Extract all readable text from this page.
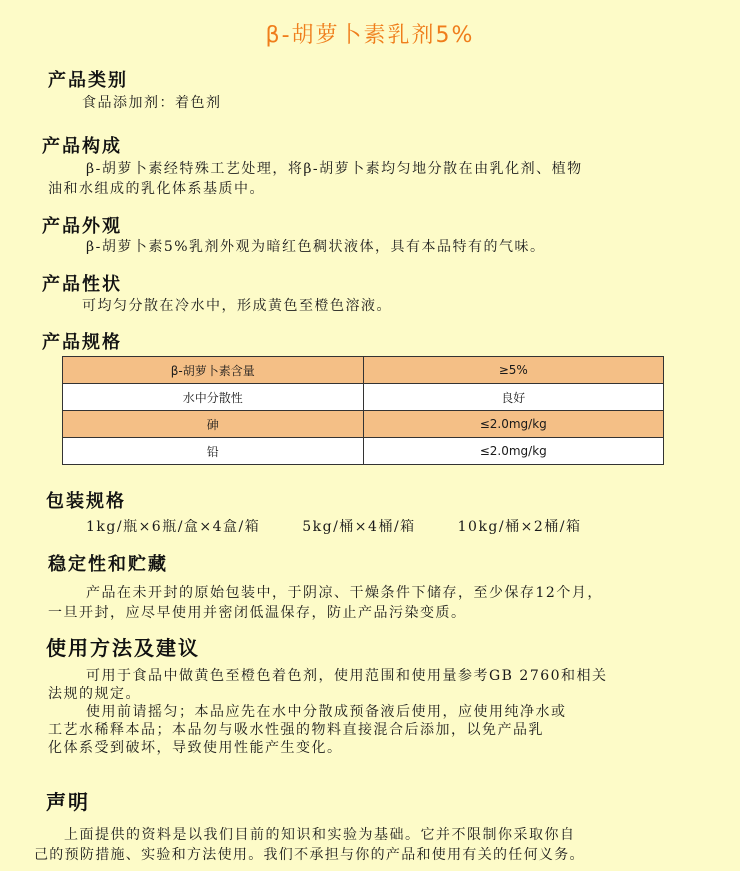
β-胡萝卜素乳剂5%
产品类别
食品添加剂：着色剂
产品构成
β-胡萝卜素经特殊工艺处理，将β-胡萝卜素均匀地分散在由乳化剂、植物
油和水组成的乳化体系基质中。
产品外观
β-胡萝卜素5%乳剂外观为暗红色稠状液体，具有本品特有的气味。
产品性状
可均匀分散在冷水中，形成黄色至橙色溶液。
产品规格
β-胡萝卜素含量	≥5%
水中分散性	良好
砷	≤2.0mg/kg
铅	≤2.0mg/kg
包装规格
1kg/瓶×6瓶/盒×4盒/箱	5kg/桶×4桶/箱	10kg/桶×2桶/箱
稳定性和贮藏
产品在未开封的原始包装中，于阴凉、干燥条件下储存，至少保存12个月，
一旦开封，应尽早使用并密闭低温保存，防止产品污染变质。
使用方法及建议
可用于食品中做黄色至橙色着色剂，使用范围和使用量参考GB 2760和相关
法规的规定。
使用前请摇匀；本品应先在水中分散成预备液后使用，应使用纯净水或
工艺水稀释本品；本品勿与吸水性强的物料直接混合后添加，以免产品乳
化体系受到破坏，导致使用性能产生变化。
声明
上面提供的资料是以我们目前的知识和实验为基础。它并不限制你采取你自
己的预防措施、实验和方法使用。我们不承担与你的产品和使用有关的任何义务。
